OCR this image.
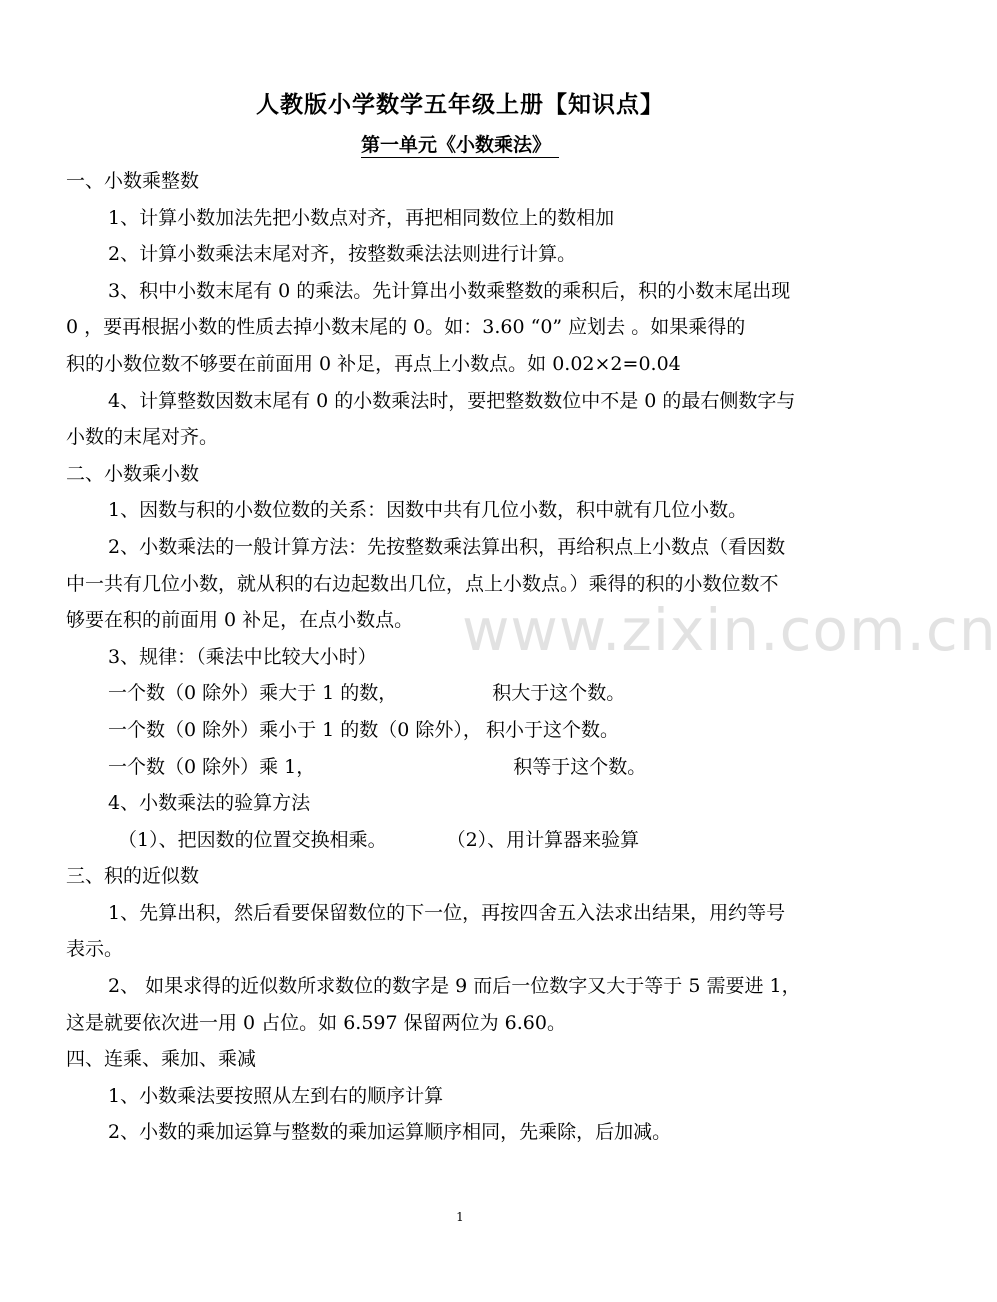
人教版小学数学五年级上册【知识点】
第一单元《小数乘法》
一、小数乘整数
1、计算小数加法先把小数点对齐，再把相同数位上的数相加
2、计算小数乘法末尾对齐，按整数乘法法则进行计算。
3、积中小数末尾有 0 的乘法。先计算出小数乘整数的乘积后，积的小数末尾出现
0 ，要再根据小数的性质去掉小数末尾的 0。如：3.60 “0” 应划去 。如果乘得的
积的小数位数不够要在前面用 0 补足，再点上小数点。如 0.02×2=0.04
4、计算整数因数末尾有 0 的小数乘法时，要把整数数位中不是 0 的最右侧数字与
小数的末尾对齐。
二、小数乘小数
1、因数与积的小数位数的关系：因数中共有几位小数，积中就有几位小数。
2、小数乘法的一般计算方法：先按整数乘法算出积，再给积点上小数点（看因数
中一共有几位小数，就从积的右边起数出几位，点上小数点。）乘得的积的小数位数不
够要在积的前面用 0 补足，在点小数点。
3、规律：（乘法中比较大小时）
一个数（0 除外）乘大于 1 的数，	积大于这个数。
一个数（0 除外）乘小于 1 的数（0 除外）， 积小于这个数。
一个数（0 除外）乘 1，	积等于这个数。
4、小数乘法的验算方法
（1）、把因数的位置交换相乘。	（2）、用计算器来验算
三、积的近似数
1、先算出积，然后看要保留数位的下一位，再按四舍五入法求出结果，用约等号
表示。
2、 如果求得的近似数所求数位的数字是 9 而后一位数字又大于等于 5 需要进 1，
这是就要依次进一用 0 占位。如 6.597 保留两位为 6.60。
四、连乘、乘加、乘减
1、小数乘法要按照从左到右的顺序计算
2、小数的乘加运算与整数的乘加运算顺序相同，先乘除，后加减。
www.zixin.com.cn
1
